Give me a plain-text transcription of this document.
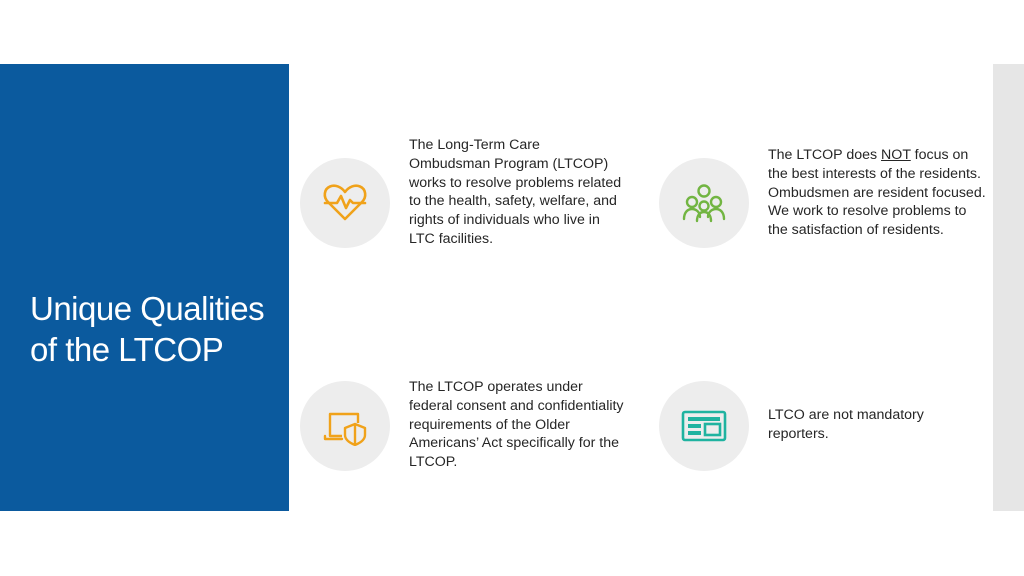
Unique Qualities of the LTCOP

The Long-Term Care Ombudsman Program (LTCOP) works to resolve problems related to the health, safety, welfare, and rights of individuals who live in LTC facilities.

The LTCOP does NOT focus on the best interests of the residents. Ombudsmen are resident focused. We work to resolve problems to the satisfaction of residents.

The LTCOP operates under federal consent and confidentiality requirements of the Older Americans’ Act specifically for the LTCOP.

LTCO are not mandatory reporters.
